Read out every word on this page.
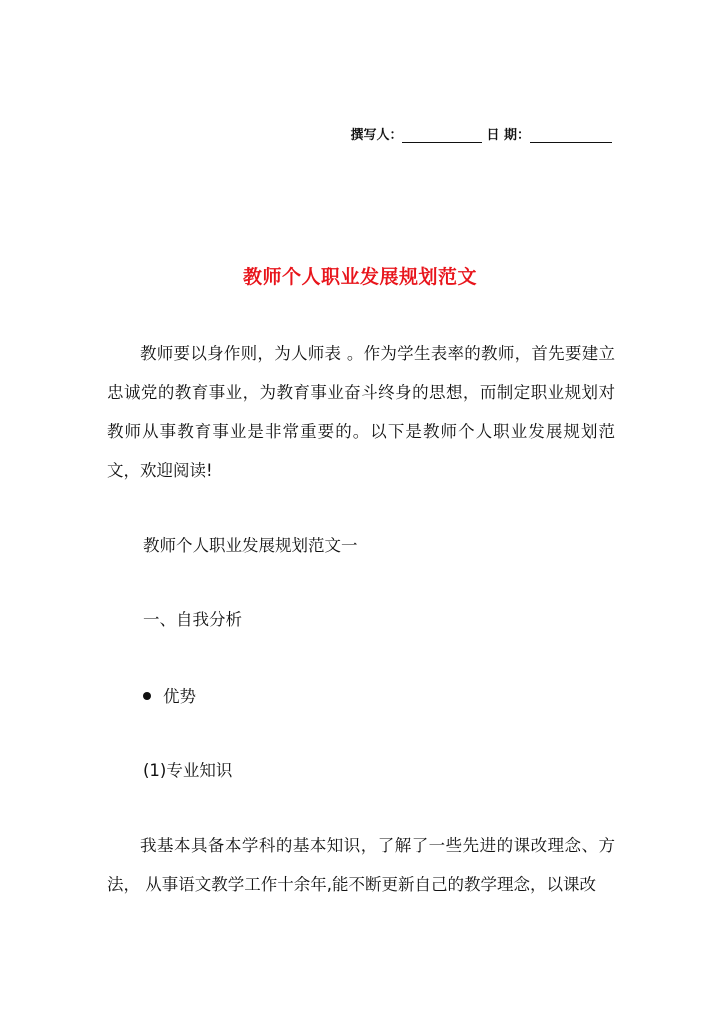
撰写人：	日 期：
教师个人职业发展规划范文

教师要以身作则，为人师表 。作为学生表率的教师，首先要建立忠诚党的教育事业，为教育事业奋斗终身的思想，而制定职业规划对教师从事教育事业是非常重要的。以下是教师个人职业发展规划范文，欢迎阅读!

教师个人职业发展规划范文一

一、自我分析

优势

(1)专业知识

我基本具备本学科的基本知识，了解了一些先进的课改理念、方法， 从事语文教学工作十余年,能不断更新自己的教学理念，以课改
